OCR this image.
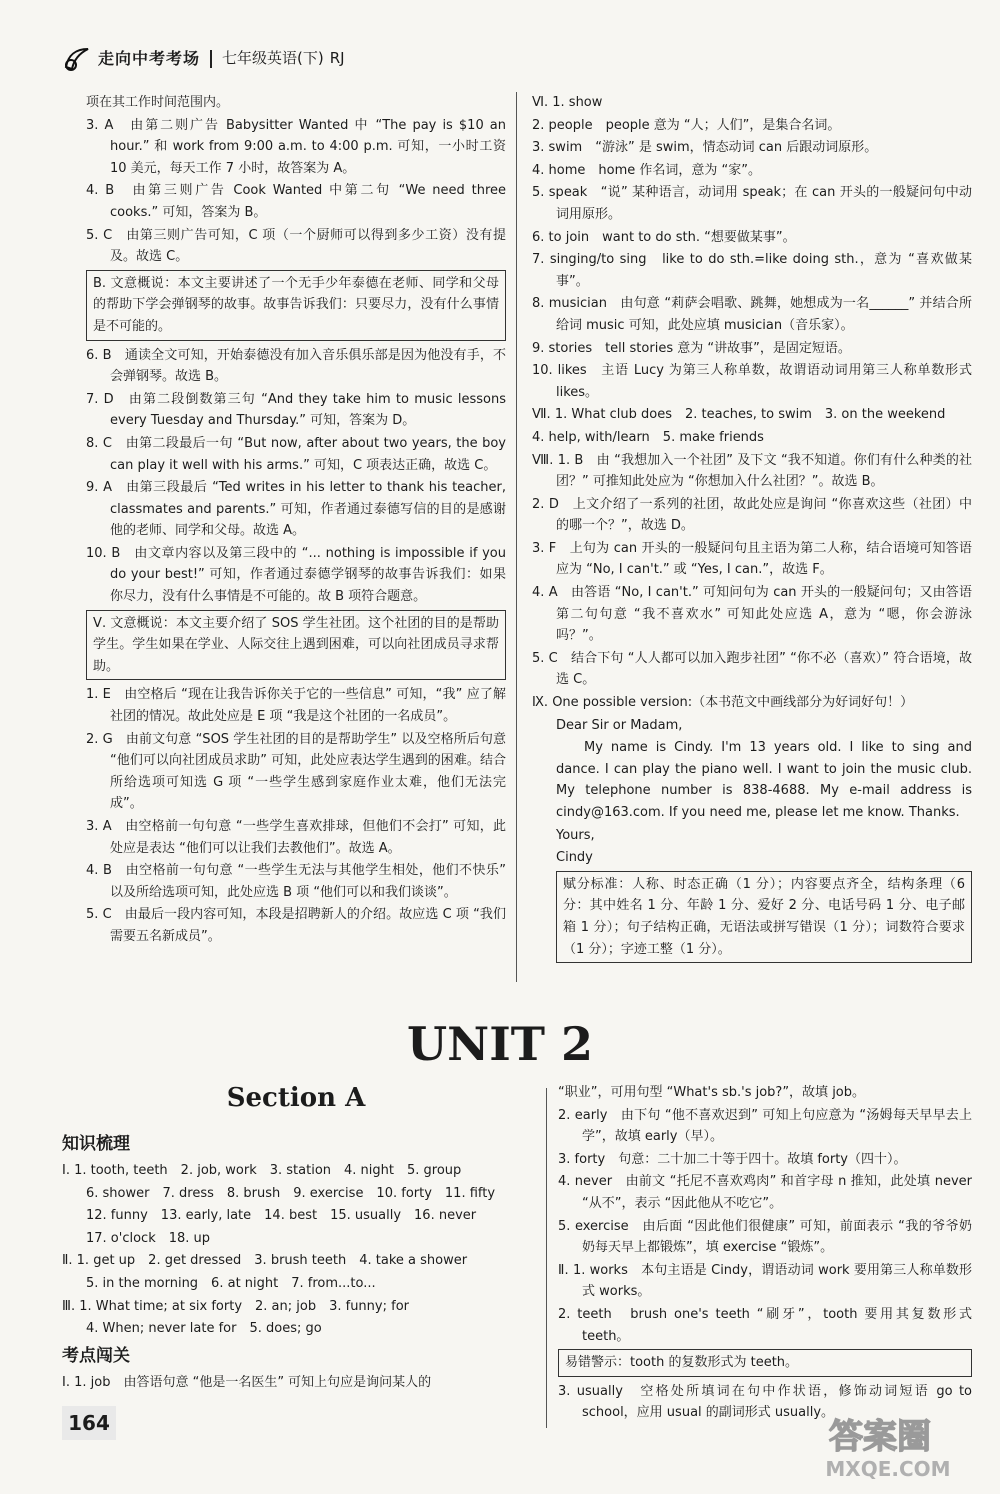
走向中考考场 七年级英语(下) RJ
项在其工作时间范围内。
3. A　由第二则广告 Babysitter Wanted 中 “The pay is $10 an hour.” 和 work from 9:00 a.m. to 4:00 p.m. 可知，一小时工资 10 美元，每天工作 7 小时，故答案为 A。
4. B　由第三则广告 Cook Wanted 中第二句 “We need three cooks.” 可知，答案为 B。
5. C　由第三则广告可知，C 项（一个厨师可以得到多少工资）没有提及。故选 C。
B. 文意概说：本文主要讲述了一个无手少年泰德在老师、同学和父母的帮助下学会弹钢琴的故事。故事告诉我们：只要尽力，没有什么事情是不可能的。
6. B　通读全文可知，开始泰德没有加入音乐俱乐部是因为他没有手，不会弹钢琴。故选 B。
7. D　由第二段倒数第三句 “And they take him to music lessons every Tuesday and Thursday.” 可知，答案为 D。
8. C　由第二段最后一句 “But now, after about two years, the boy can play it well with his arms.” 可知，C 项表达正确，故选 C。
9. A　由第三段最后 “Ted writes in his letter to thank his teacher, classmates and parents.” 可知，作者通过泰德写信的目的是感谢他的老师、同学和父母。故选 A。
10. B　由文章内容以及第三段中的 “... nothing is impossible if you do your best!” 可知，作者通过泰德学钢琴的故事告诉我们：如果你尽力，没有什么事情是不可能的。故 B 项符合题意。
Ⅴ. 文意概说：本文主要介绍了 SOS 学生社团。这个社团的目的是帮助学生。学生如果在学业、人际交往上遇到困难，可以向社团成员寻求帮助。
1. E　由空格后 “现在让我告诉你关于它的一些信息” 可知，“我” 应了解社团的情况。故此处应是 E 项 “我是这个社团的一名成员”。
2. G　由前文句意 “SOS 学生社团的目的是帮助学生” 以及空格所后句意 “他们可以向社团成员求助” 可知，此处应表达学生遇到的困难。结合所给选项可知选 G 项 “一些学生感到家庭作业太难，他们无法完成”。
3. A　由空格前一句句意 “一些学生喜欢排球，但他们不会打” 可知，此处应是表达 “他们可以让我们去教他们”。故选 A。
4. B　由空格前一句句意 “一些学生无法与其他学生相处，他们不快乐” 以及所给选项可知，此处应选 B 项 “他们可以和我们谈谈”。
5. C　由最后一段内容可知，本段是招聘新人的介绍。故应选 C 项 “我们需要五名新成员”。
Ⅵ. 1. show
2. people　people 意为 “人；人们”，是集合名词。
3. swim　“游泳” 是 swim，情态动词 can 后跟动词原形。
4. home　home 作名词，意为 “家”。
5. speak　“说” 某种语言，动词用 speak；在 can 开头的一般疑问句中动词用原形。
6. to join　want to do sth. “想要做某事”。
7. singing/to sing　like to do sth.=like doing sth.，意为 “喜欢做某事”。
8. musician　由句意 “莉萨会唱歌、跳舞，她想成为一名______” 并结合所给词 music 可知，此处应填 musician（音乐家）。
9. stories　tell stories 意为 “讲故事”，是固定短语。
10. likes　主语 Lucy 为第三人称单数，故谓语动词用第三人称单数形式 likes。
Ⅶ. 1. What club does　2. teaches, to swim　3. on the weekend
4. help, with/learn　5. make friends
Ⅷ. 1. B　由 “我想加入一个社团” 及下文 “我不知道。你们有什么种类的社团？” 可推知此处应为 “你想加入什么社团？”。故选 B。
2. D　上文介绍了一系列的社团，故此处应是询问 “你喜欢这些（社团）中的哪一个？”，故选 D。
3. F　上句为 can 开头的一般疑问句且主语为第二人称，结合语境可知答语应为 “No, I can't.” 或 “Yes, I can.”，故选 F。
4. A　由答语 “No, I can't.” 可知问句为 can 开头的一般疑问句；又由答语第二句句意 “我不喜欢水” 可知此处应选 A，意为 “嗯，你会游泳吗？”。
5. C　结合下句 “人人都可以加入跑步社团” “你不必（喜欢）” 符合语境，故选 C。
Ⅸ. One possible version:（本书范文中画线部分为好词好句！）
Dear Sir or Madam,
My name is Cindy. I'm 13 years old. I like to sing and dance. I can play the piano well. I want to join the music club. My telephone number is 838-4688. My e-mail address is cindy@163.com. If you need me, please let me know. Thanks.
Yours,
Cindy
赋分标准：人称、时态正确（1 分）；内容要点齐全，结构条理（6 分：其中姓名 1 分、年龄 1 分、爱好 2 分、电话号码 1 分、电子邮箱 1 分）；句子结构正确，无语法或拼写错误（1 分）；词数符合要求（1 分）；字迹工整（1 分）。
UNIT 2
Section A
知识梳理
Ⅰ. 1. tooth, teeth　2. job, work　3. station　4. night　5. group
6. shower　7. dress　8. brush　9. exercise　10. forty　11. fifty
12. funny　13. early, late　14. best　15. usually　16. never
17. o'clock　18. up
Ⅱ. 1. get up　2. get dressed　3. brush teeth　4. take a shower
5. in the morning　6. at night　7. from...to...
Ⅲ. 1. What time; at six forty　2. an; job　3. funny; for
4. When; never late for　5. does; go
考点闯关
Ⅰ. 1. job　由答语句意 “他是一名医生” 可知上句应是询问某人的
“职业”，可用句型 “What's sb.'s job?”，故填 job。
2. early　由下句 “他不喜欢迟到” 可知上句应意为 “汤姆每天早早去上学”，故填 early（早）。
3. forty　句意：二十加二十等于四十。故填 forty（四十）。
4. never　由前文 “托尼不喜欢鸡肉” 和首字母 n 推知，此处填 never “从不”，表示 “因此他从不吃它”。
5. exercise　由后面 “因此他们很健康” 可知，前面表示 “我的爷爷奶奶每天早上都锻炼”，填 exercise “锻炼”。
Ⅱ. 1. works　本句主语是 Cindy，谓语动词 work 要用第三人称单数形式 works。
2. teeth　brush one's teeth “刷牙”，tooth 要用其复数形式 teeth。
易错警示：tooth 的复数形式为 teeth。
3. usually　空格处所填词在句中作状语，修饰动词短语 go to school，应用 usual 的副词形式 usually。
164	答案圈
MXQE.COM
